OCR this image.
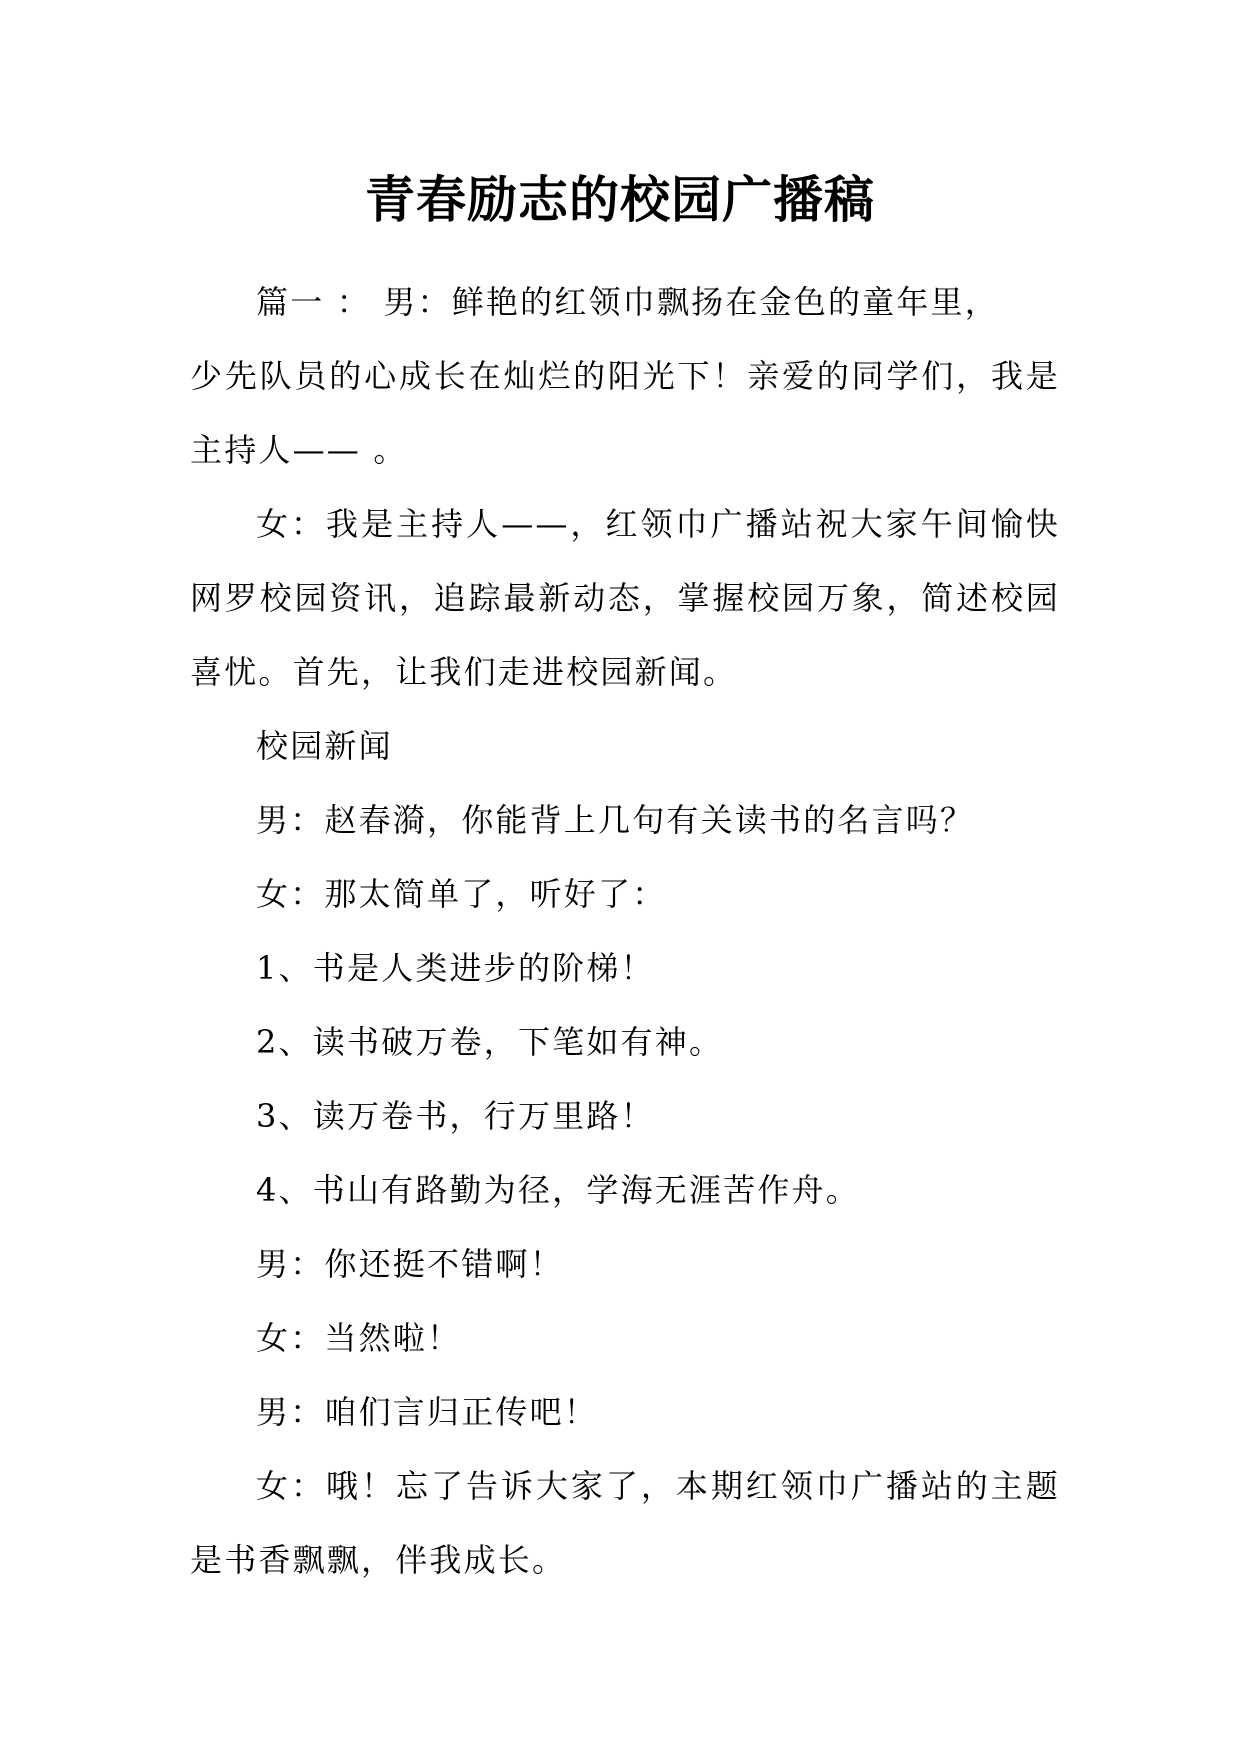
青春励志的校园广播稿
篇一 ： 男：鲜艳的红领巾飘扬在金色的童年里，
少先队员的心成长在灿烂的阳光下！亲爱的同学们，我是
主持人—— 。
女：我是主持人——，红领巾广播站祝大家午间愉快
网罗校园资讯，追踪最新动态，掌握校园万象，简述校园
喜忧。首先，让我们走进校园新闻。
校园新闻
男：赵春漪，你能背上几句有关读书的名言吗？
女：那太简单了，听好了：
1、书是人类进步的阶梯！
2、读书破万卷，下笔如有神。
3、读万卷书，行万里路！
4、书山有路勤为径，学海无涯苦作舟。
男：你还挺不错啊！
女：当然啦！
男：咱们言归正传吧！
女：哦！忘了告诉大家了，本期红领巾广播站的主题
是书香飘飘，伴我成长。
